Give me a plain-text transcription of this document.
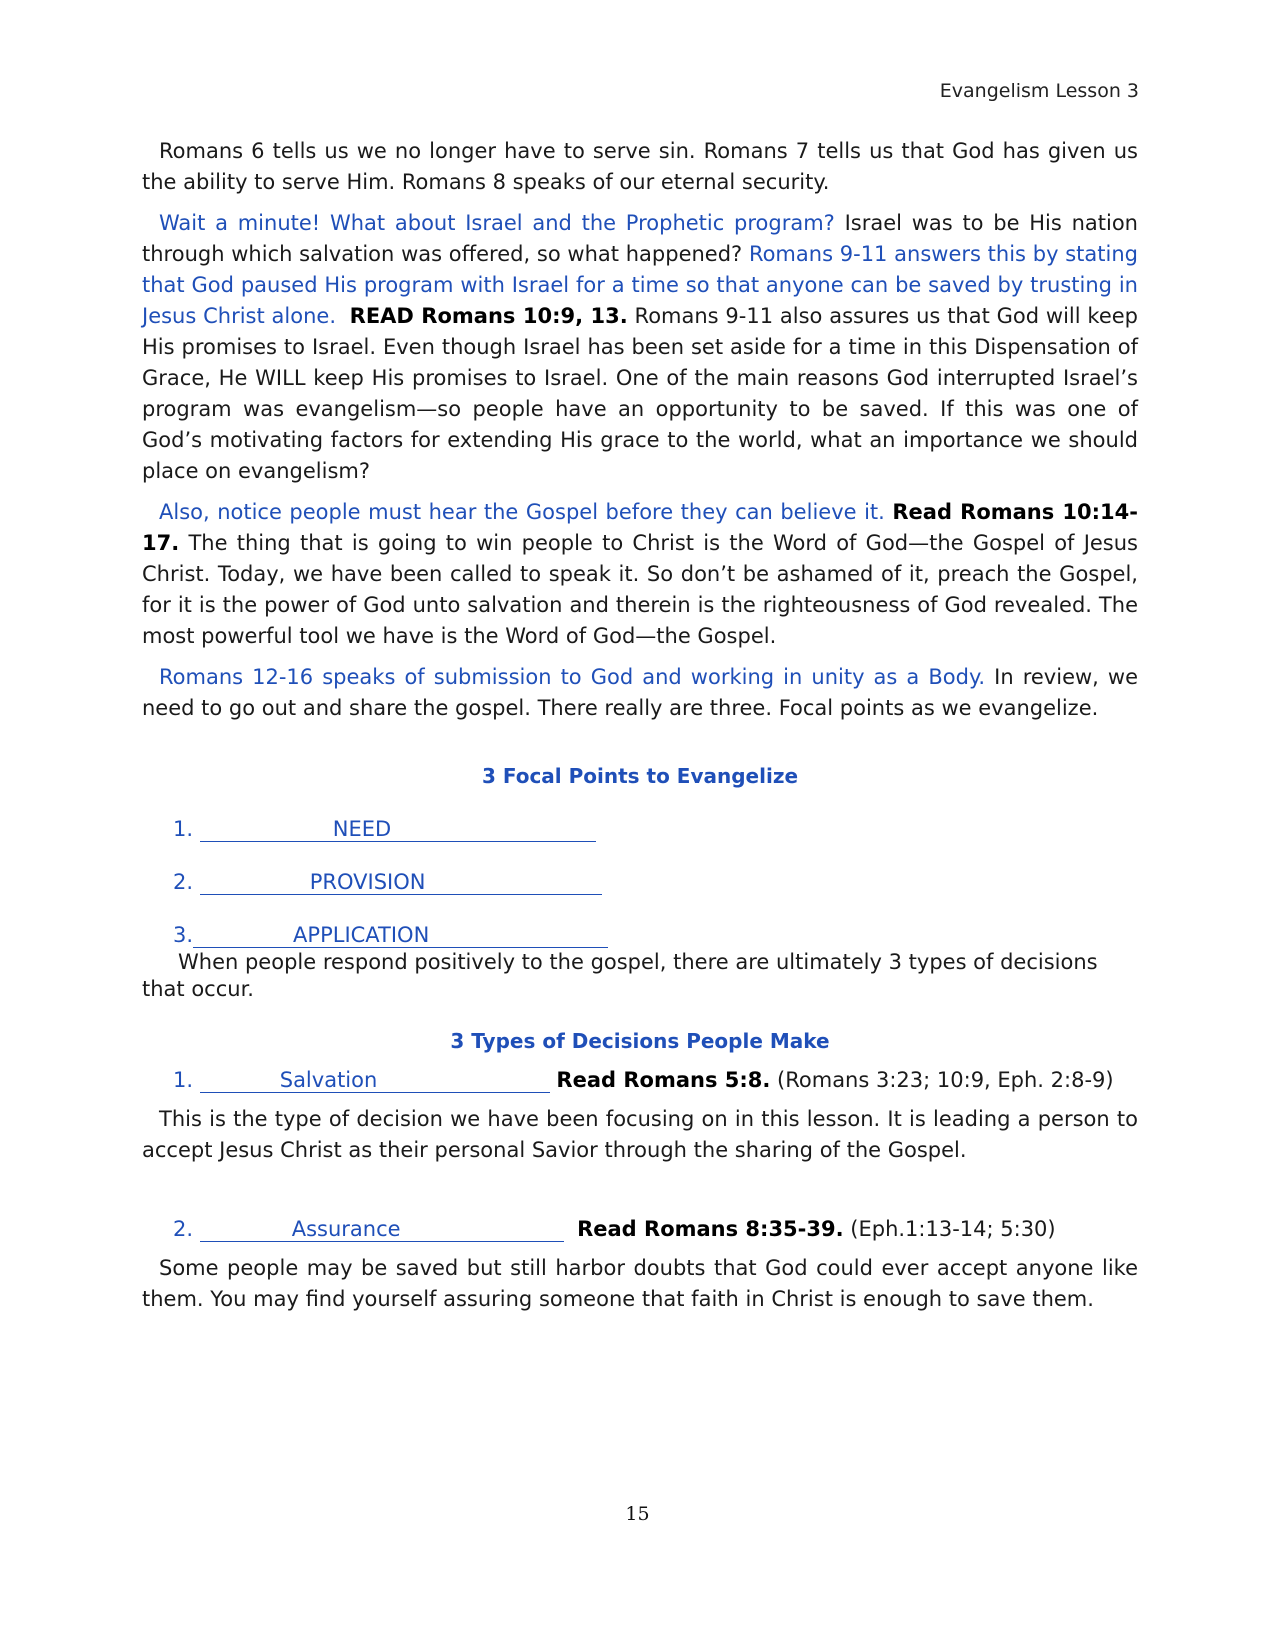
Evangelism Lesson 3

Romans 6 tells us we no longer have to serve sin. Romans 7 tells us that God has given us the ability to serve Him. Romans 8 speaks of our eternal security.

Wait a minute! What about Israel and the Prophetic program? Israel was to be His nation through which salvation was offered, so what happened? Romans 9-11 answers this by stating that God paused His program with Israel for a time so that anyone can be saved by trusting in Jesus Christ alone. READ Romans 10:9, 13. Romans 9-11 also assures us that God will keep His promises to Israel. Even though Israel has been set aside for a time in this Dispensation of Grace, He WILL keep His promises to Israel. One of the main reasons God interrupted Israel’s program was evangelism—so people have an opportunity to be saved. If this was one of God’s motivating factors for extending His grace to the world, what an importance we should place on evangelism?

Also, notice people must hear the Gospel before they can believe it. Read Romans 10:14-17. The thing that is going to win people to Christ is the Word of God—the Gospel of Jesus Christ. Today, we have been called to speak it. So don’t be ashamed of it, preach the Gospel, for it is the power of God unto salvation and therein is the righteousness of God revealed. The most powerful tool we have is the Word of God—the Gospel.

Romans 12-16 speaks of submission to God and working in unity as a Body. In review, we need to go out and share the gospel. There really are three. Focal points as we evangelize.

3 Focal Points to Evangelize
1.	NEED
2.	PROVISION
3.	APPLICATION

When people respond positively to the gospel, there are ultimately 3 types of decisions that occur.

3 Types of Decisions People Make
1.	Salvation	Read Romans 5:8. (Romans 3:23; 10:9, Eph. 2:8-9)

This is the type of decision we have been focusing on in this lesson. It is leading a person to accept Jesus Christ as their personal Savior through the sharing of the Gospel.

2.	Assurance	Read Romans 8:35-39. (Eph.1:13-14; 5:30)

Some people may be saved but still harbor doubts that God could ever accept anyone like them. You may find yourself assuring someone that faith in Christ is enough to save them.

15
